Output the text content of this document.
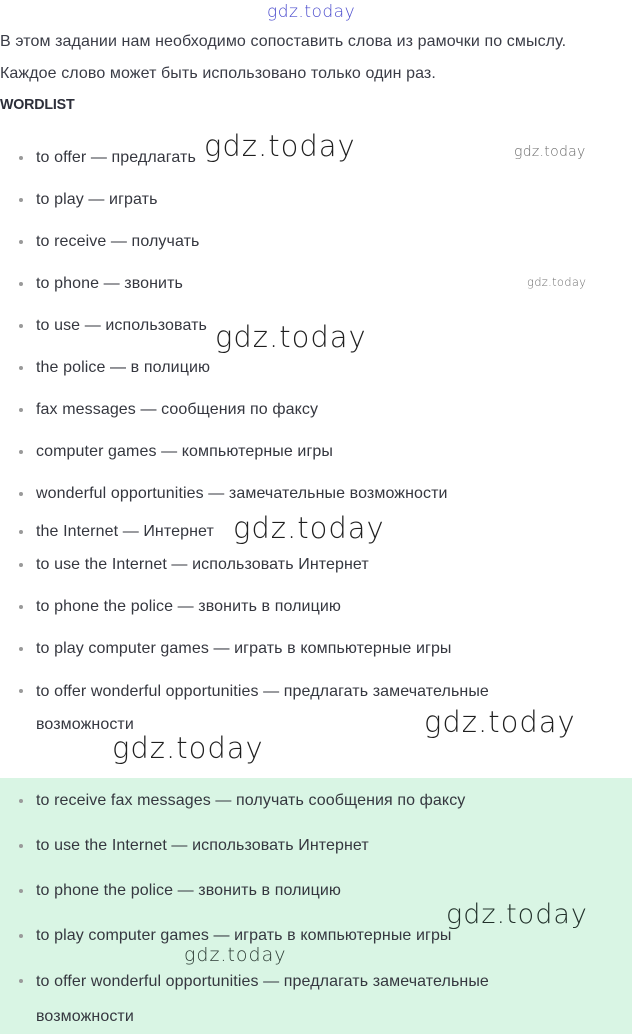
gdz.today

В этом задании нам необходимо сопоставить слова из рамочки по смыслу.

Каждое слово может быть использовано только один раз.

WORDLIST
to offer — предлагать
to play — играть
to receive — получать
to phone — звонить
to use — использовать
the police — в полицию
fax messages — сообщения по факсу
computer games — компьютерные игры
wonderful opportunities — замечательные возможности
the Internet — Интернет
to use the Internet — использовать Интернет
to phone the police — звонить в полицию
to play computer games — играть в компьютерные игры
to offer wonderful opportunities — предлагать замечательные возможности
to receive fax messages — получать сообщения по факсу
to use the Internet — использовать Интернет
to phone the police — звонить в полицию
to play computer games — играть в компьютерные игры
to offer wonderful opportunities — предлагать замечательные возможности
gdz.today	gdz.today
gdz.today
gdz.today
gdz.today
gdz.today
gdz.today
gdz.today
gdz.today
